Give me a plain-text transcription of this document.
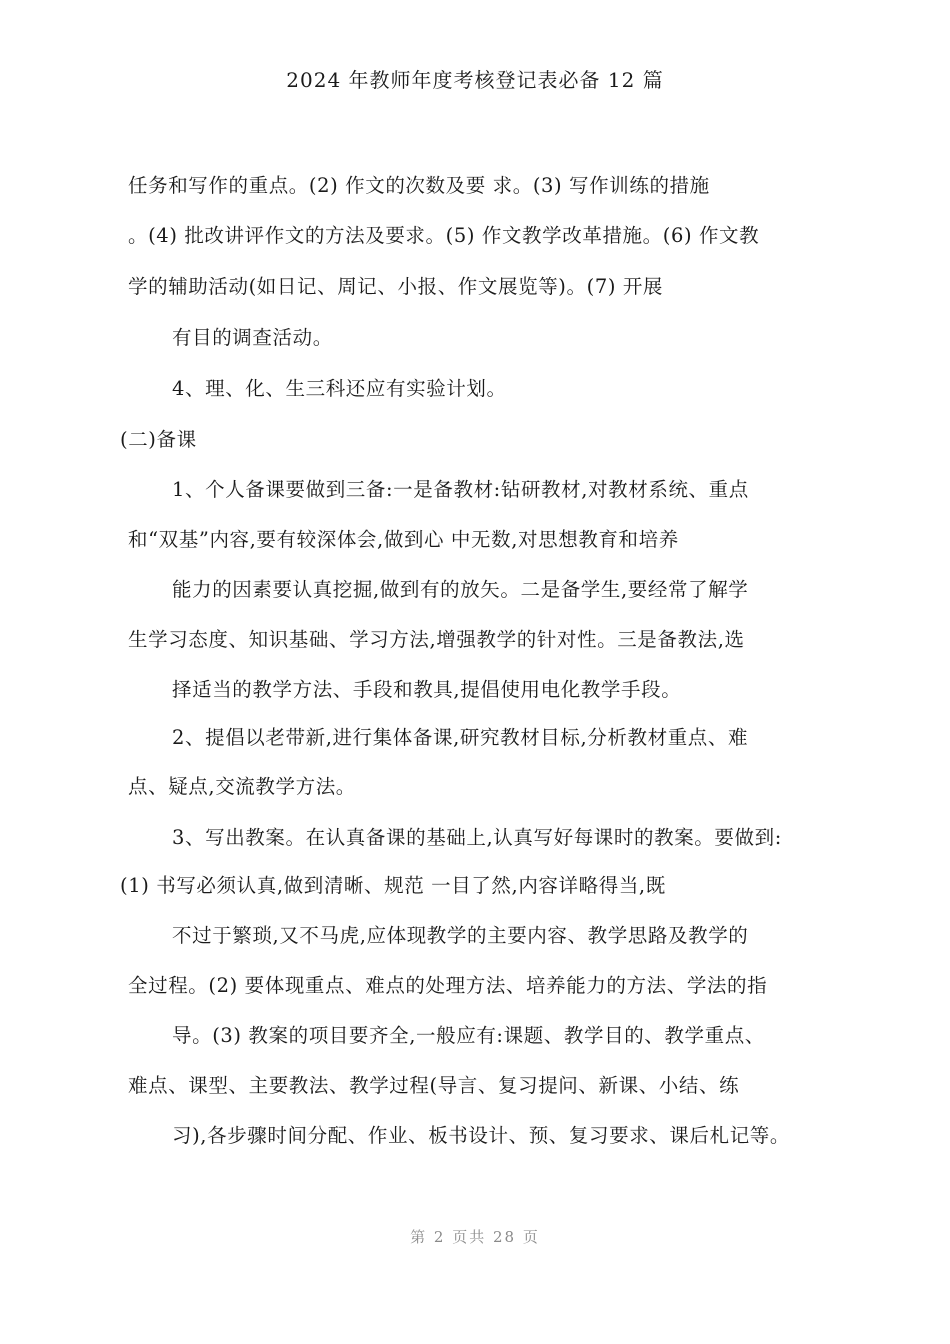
2024 年教师年度考核登记表必备 12 篇
任务和写作的重点。(2) 作文的次数及要 求。(3) 写作训练的措施
。(4) 批改讲评作文的方法及要求。(5) 作文教学改革措施。(6) 作文教
学的辅助活动(如日记、周记、小报、作文展览等)。(7) 开展
有目的调查活动。
4、理、化、生三科还应有实验计划。
(二)备课
1、个人备课要做到三备:一是备教材:钻研教材,对教材系统、重点
和“双基”内容,要有较深体会,做到心 中无数,对思想教育和培养
能力的因素要认真挖掘,做到有的放矢。二是备学生,要经常了解学
生学习态度、知识基础、学习方法,增强教学的针对性。三是备教法,选
择适当的教学方法、手段和教具,提倡使用电化教学手段。
2、提倡以老带新,进行集体备课,研究教材目标,分析教材重点、难
点、疑点,交流教学方法。
3、写出教案。在认真备课的基础上,认真写好每课时的教案。要做到:
(1) 书写必须认真,做到清晰、规范 一目了然,内容详略得当,既
不过于繁琐,又不马虎,应体现教学的主要内容、教学思路及教学的
全过程。(2) 要体现重点、难点的处理方法、培养能力的方法、学法的指
导。(3) 教案的项目要齐全,一般应有:课题、教学目的、教学重点、
难点、课型、主要教法、教学过程(导言、复习提问、新课、小结、练
习),各步骤时间分配、作业、板书设计、预、复习要求、课后札记等。
第 2 页共 28 页
